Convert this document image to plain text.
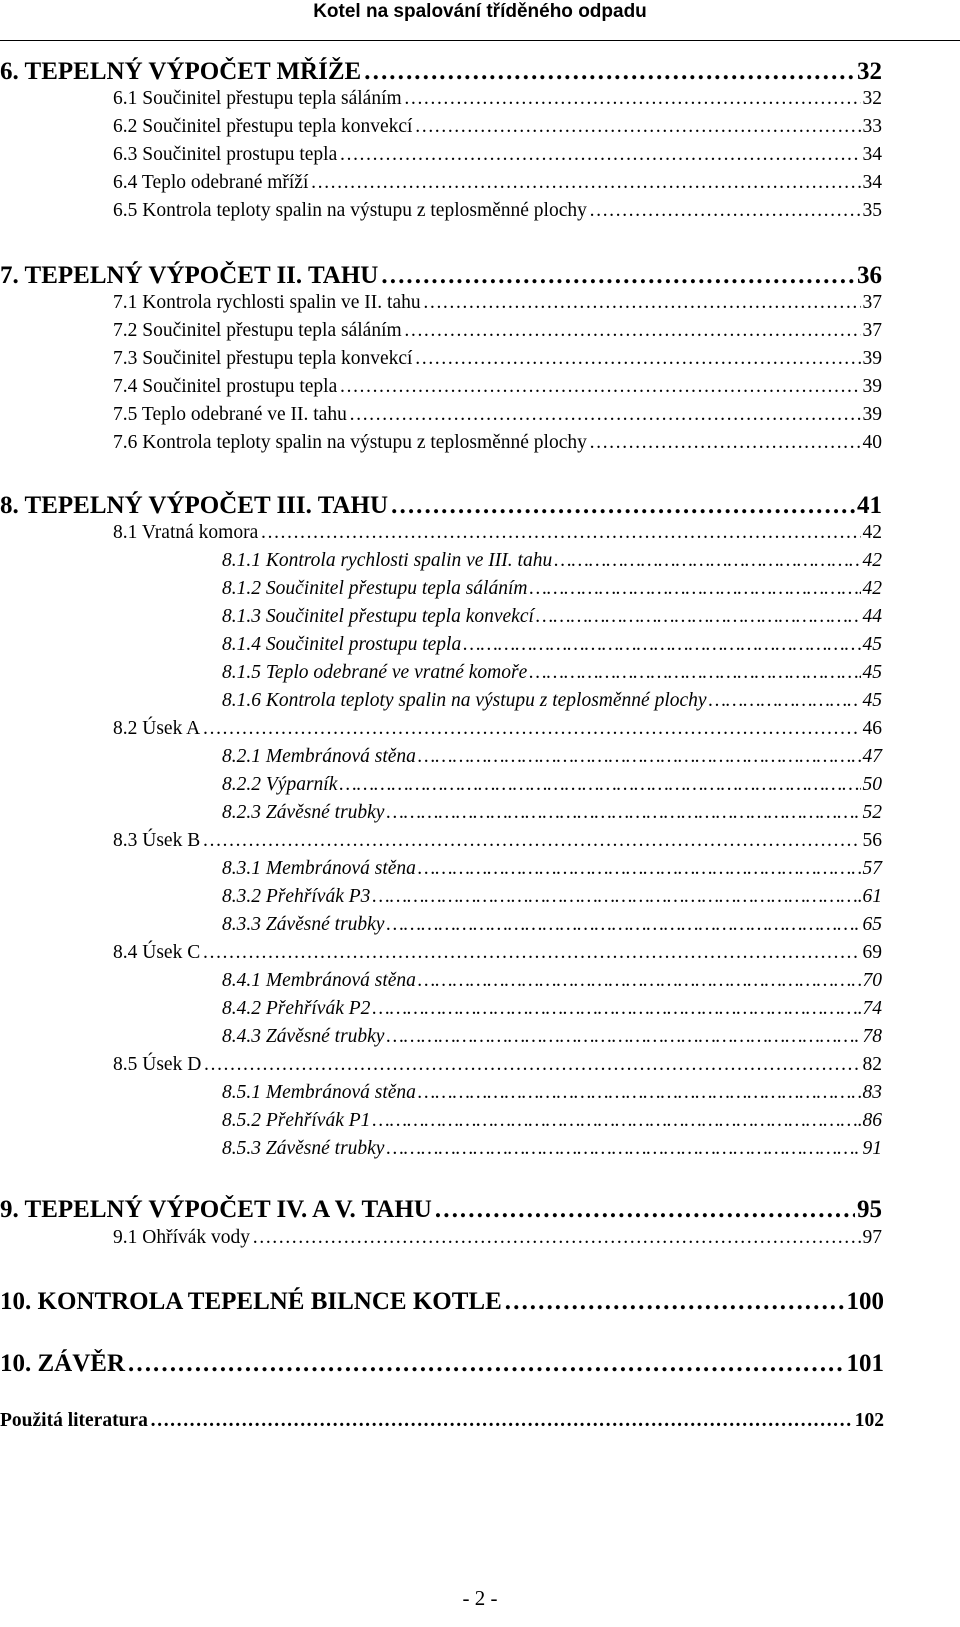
Kotel na spalování tříděného odpadu
6. TEPELNÝ VÝPOČET MŘÍŽE ………………………………………………………………………………………………………………………………………………………………………………………………………………………………………………………………………………	32
6.1 Součinitel přestupu tepla sáláním ………………………………………………………………………………………………………………………………………………………………………………………………………………………………………………………………………………	32
6.2 Součinitel přestupu tepla konvekcí ………………………………………………………………………………………………………………………………………………………………………………………………………………………………………………………………………………	33
6.3 Součinitel prostupu tepla ………………………………………………………………………………………………………………………………………………………………………………………………………………………………………………………………………………	34
6.4 Teplo odebrané mříží ………………………………………………………………………………………………………………………………………………………………………………………………………………………………………………………………………………	34
6.5 Kontrola teploty spalin na výstupu z teplosměnné plochy ………………………………………………………………………………………………………………………………………………………………………………………………………………………………………………………………………………	35
7. TEPELNÝ VÝPOČET II. TAHU ………………………………………………………………………………………………………………………………………………………………………………………………………………………………………………………………………………	36
7.1 Kontrola rychlosti spalin ve II. tahu ………………………………………………………………………………………………………………………………………………………………………………………………………………………………………………………………………………	37
7.2 Součinitel přestupu tepla sáláním ………………………………………………………………………………………………………………………………………………………………………………………………………………………………………………………………………………	37
7.3 Součinitel přestupu tepla konvekcí ………………………………………………………………………………………………………………………………………………………………………………………………………………………………………………………………………………	39
7.4 Součinitel prostupu tepla ………………………………………………………………………………………………………………………………………………………………………………………………………………………………………………………………………………	39
7.5 Teplo odebrané ve II. tahu ………………………………………………………………………………………………………………………………………………………………………………………………………………………………………………………………………………	39
7.6 Kontrola teploty spalin na výstupu z teplosměnné plochy ………………………………………………………………………………………………………………………………………………………………………………………………………………………………………………………………………………	40
8. TEPELNÝ VÝPOČET III. TAHU ………………………………………………………………………………………………………………………………………………………………………………………………………………………………………………………………………………	41
8.1 Vratná komora ………………………………………………………………………………………………………………………………………………………………………………………………………………………………………………………………………………	42
8.1.1 Kontrola rychlosti spalin ve III. tahu ………………………………………………………………………………………………………………………………………………………………………………………………………………………………………………………………………………	42
8.1.2 Součinitel přestupu tepla sáláním ………………………………………………………………………………………………………………………………………………………………………………………………………………………………………………………………………………	42
8.1.3 Součinitel přestupu tepla konvekcí ………………………………………………………………………………………………………………………………………………………………………………………………………………………………………………………………………………	44
8.1.4 Součinitel prostupu tepla ………………………………………………………………………………………………………………………………………………………………………………………………………………………………………………………………………………	45
8.1.5 Teplo odebrané ve vratné komoře ………………………………………………………………………………………………………………………………………………………………………………………………………………………………………………………………………………	45
8.1.6 Kontrola teploty spalin na výstupu z teplosměnné plochy ………………………………………………………………………………………………………………………………………………………………………………………………………………………………………………………………………………	45
8.2 Úsek A ………………………………………………………………………………………………………………………………………………………………………………………………………………………………………………………………………………	46
8.2.1 Membránová stěna ………………………………………………………………………………………………………………………………………………………………………………………………………………………………………………………………………………	47
8.2.2 Výparník ………………………………………………………………………………………………………………………………………………………………………………………………………………………………………………………………………………	50
8.2.3 Závěsné trubky ………………………………………………………………………………………………………………………………………………………………………………………………………………………………………………………………………………	52
8.3 Úsek B ………………………………………………………………………………………………………………………………………………………………………………………………………………………………………………………………………………	56
8.3.1 Membránová stěna ………………………………………………………………………………………………………………………………………………………………………………………………………………………………………………………………………………	57
8.3.2 Přehřívák P3 ………………………………………………………………………………………………………………………………………………………………………………………………………………………………………………………………………………	61
8.3.3 Závěsné trubky ………………………………………………………………………………………………………………………………………………………………………………………………………………………………………………………………………………	65
8.4 Úsek C ………………………………………………………………………………………………………………………………………………………………………………………………………………………………………………………………………………	69
8.4.1 Membránová stěna ………………………………………………………………………………………………………………………………………………………………………………………………………………………………………………………………………………	70
8.4.2 Přehřívák P2 ………………………………………………………………………………………………………………………………………………………………………………………………………………………………………………………………………………	74
8.4.3 Závěsné trubky ………………………………………………………………………………………………………………………………………………………………………………………………………………………………………………………………………………	78
8.5 Úsek D ………………………………………………………………………………………………………………………………………………………………………………………………………………………………………………………………………………	82
8.5.1 Membránová stěna ………………………………………………………………………………………………………………………………………………………………………………………………………………………………………………………………………………	83
8.5.2 Přehřívák P1 ………………………………………………………………………………………………………………………………………………………………………………………………………………………………………………………………………………	86
8.5.3 Závěsné trubky ………………………………………………………………………………………………………………………………………………………………………………………………………………………………………………………………………………	91
9. TEPELNÝ VÝPOČET IV. A V. TAHU ………………………………………………………………………………………………………………………………………………………………………………………………………………………………………………………………………………	95
9.1 Ohřívák vody ………………………………………………………………………………………………………………………………………………………………………………………………………………………………………………………………………………	97
10. KONTROLA TEPELNÉ BILNCE KOTLE ………………………………………………………………………………………………………………………………………………………………………………………………………………………………………………………………………………	100
10. ZÁVĚR ………………………………………………………………………………………………………………………………………………………………………………………………………………………………………………………………………………	101
Použitá literatura ………………………………………………………………………………………………………………………………………………………………………………………………………………………………………………………………………………	102
- 2 -
